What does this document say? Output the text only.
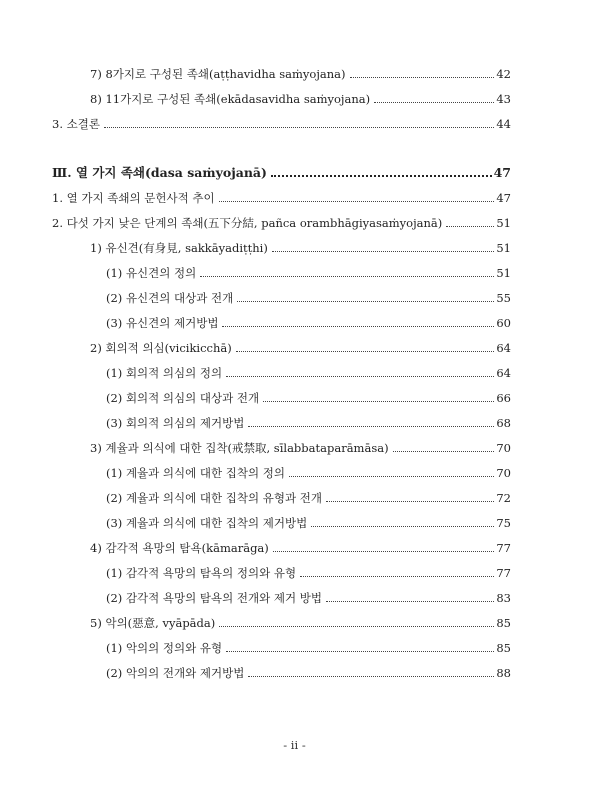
7) 8가지로 구성된 족쇄(aṭṭhavidha saṁyojana)	42
8) 11가지로 구성된 족쇄(ekādasavidha saṁyojana)	43
3. 소결론	44
Ⅲ. 열 가지 족쇄(dasa saṁyojanā)	47
1. 열 가지 족쇄의 문헌사적 추이	47
2. 다섯 가지 낮은 단계의 족쇄(五下分結, pañca orambhāgiyasaṁyojanā)	51
1) 유신견(有身見, sakkāyadiṭṭhi)	51
(1) 유신견의 정의	51
(2) 유신견의 대상과 전개	55
(3) 유신견의 제거방법	60
2) 회의적 의심(vicikicchā)	64
(1) 회의적 의심의 정의	64
(2) 회의적 의심의 대상과 전개	66
(3) 회의적 의심의 제거방법	68
3) 계율과 의식에 대한 집착(戒禁取, sīlabbataparāmāsa)	70
(1) 계율과 의식에 대한 집착의 정의	70
(2) 계율과 의식에 대한 집착의 유형과 전개	72
(3) 계율과 의식에 대한 집착의 제거방법	75
4) 감각적 욕망의 탐욕(kāmarāga)	77
(1) 감각적 욕망의 탐욕의 정의와 유형	77
(2) 감각적 욕망의 탐욕의 전개와 제거 방법	83
5) 악의(惡意, vyāpāda)	85
(1) 악의의 정의와 유형	85
(2) 악의의 전개와 제거방법	88
- ii -
